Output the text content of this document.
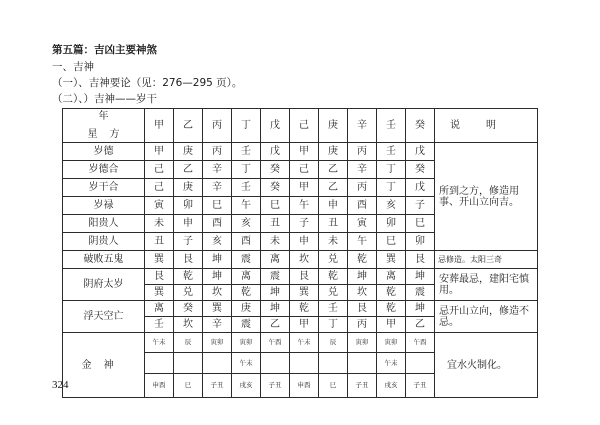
第五篇：吉凶主要神煞
一、吉神
（一）、吉神要论（见：276—295 页）。
（二）、）吉神——岁干
年
星方	甲	乙	丙	丁	戊	己	庚	辛	壬	癸	说明
岁德	甲	庚	丙	壬	戊	甲	庚	丙	壬	戊	所到之方，修造用事、开山立向吉。
岁德合	己	乙	辛	丁	癸	己	乙	辛	丁	癸	
岁干合	己	庚	辛	壬	癸	甲	乙	丙	丁	戊	
岁禄	寅	卯	巳	午	巳	午	申	酉	亥	子	
阳贵人	未	申	酉	亥	丑	子	丑	寅	卯	巳	
阴贵人	丑	子	亥	酉	未	申	未	午	巳	卯	
破败五鬼	巽	艮	坤	震	离	坎	兑	乾	巽	艮	忌修造。太阳三奇
阴府太岁	艮	乾	坤	离	震	艮	乾	坤	离	坤	安葬最忌，建阳宅慎用。
	巽	兑	坎	乾	坤	巽	兑	坎	乾	震	
浮天空亡	离	癸	巽	庚	坤	乾	壬	艮	乾	坤	忌开山立向，修造不忌。
	壬	坎	辛	震	乙	甲	丁	丙	甲	乙	
金神	午未	辰	寅卯	寅卯	午酉	午未	辰	寅卯	寅卯	午酉	宜水火制化。
				午未					午未		
	申酉	巳	子丑	戌亥	子丑	申酉	巳	子丑	戌亥	子丑	
324
